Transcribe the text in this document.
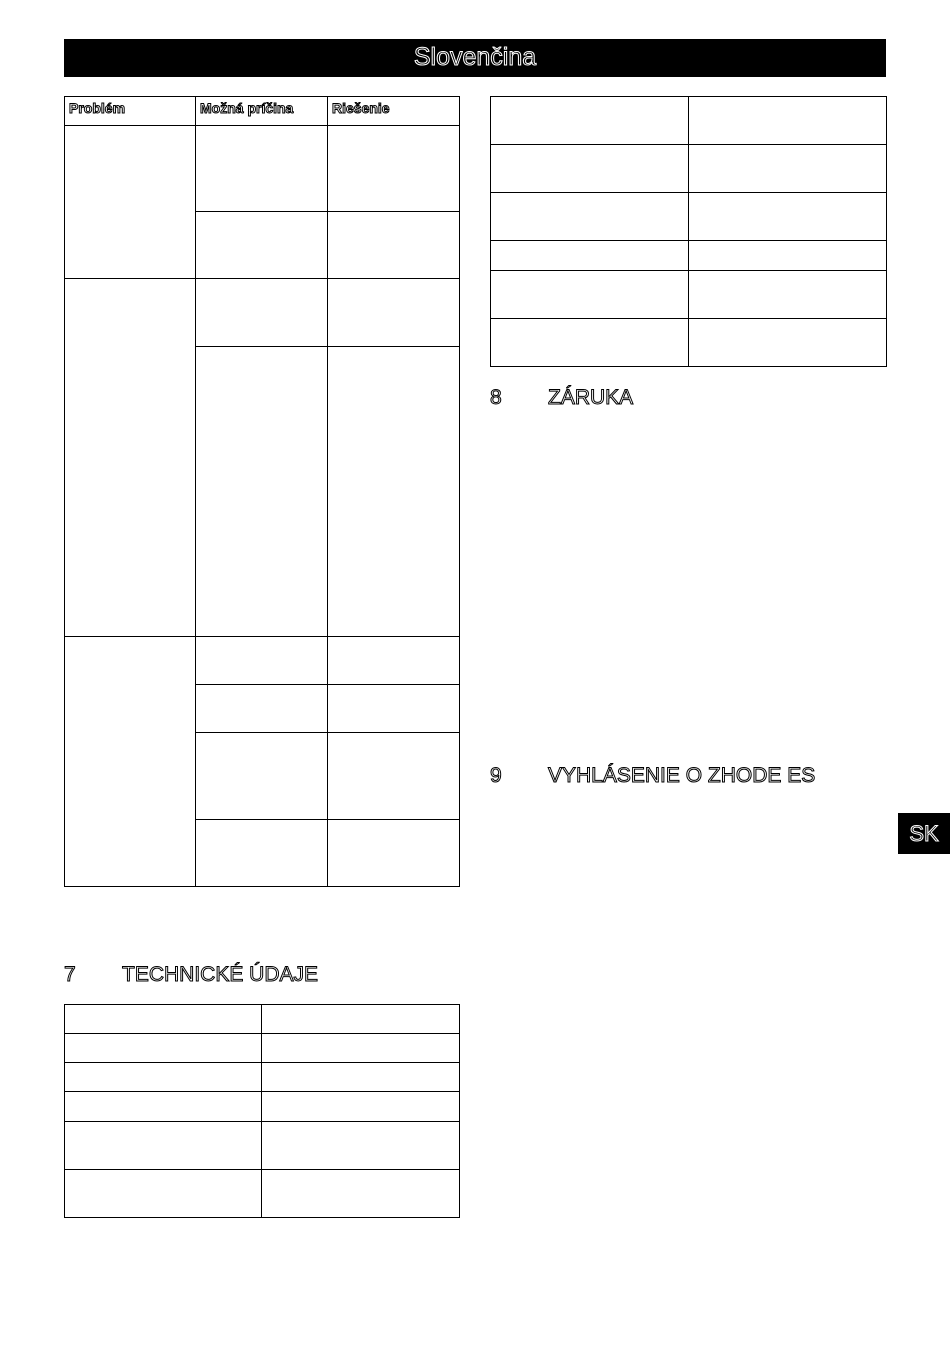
Slovenčina
Problém	Možná príčina	Riešenie

8 ZÁRUKA
9 VYHLÁSENIE O ZHODE ES
7 TECHNICKÉ ÚDAJE

SK
